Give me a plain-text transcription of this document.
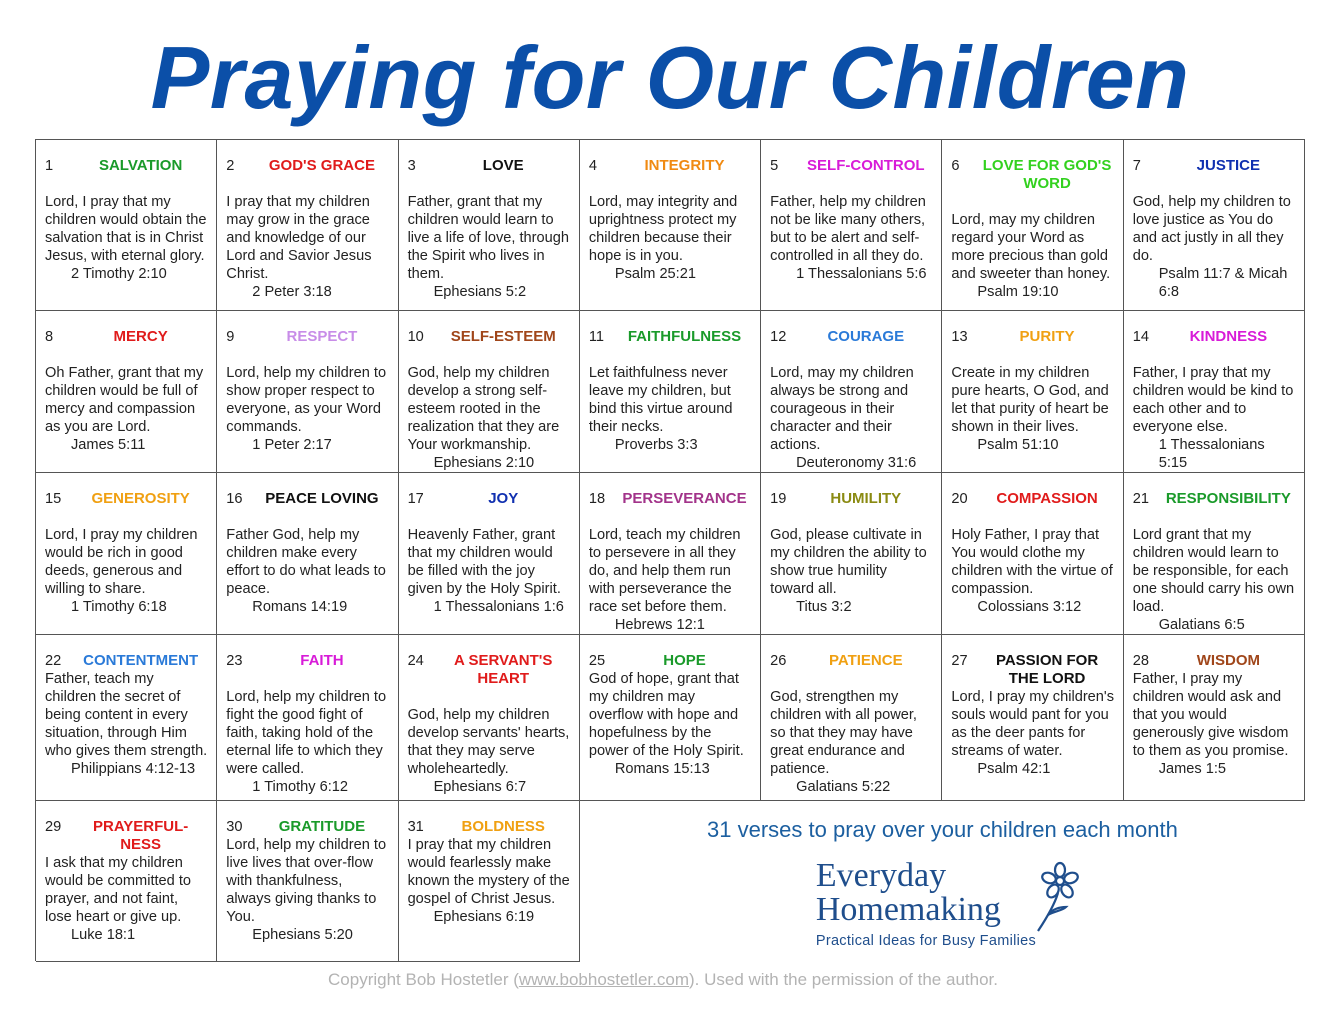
Praying for Our Children
1	SALVATION
Lord, I pray that my children would obtain the salvation that is in Christ Jesus, with eternal glory.
2 Timothy 2:10
2	GOD'S GRACE
I pray that my children may grow in the grace and knowledge of our Lord and Savior Jesus Christ.
2 Peter 3:18
3	LOVE
Father, grant that my children would learn to live a life of love, through the Spirit who lives in them.
Ephesians 5:2
4	INTEGRITY
Lord, may integrity and uprightness protect my children because their hope is in you.
Psalm 25:21
5	SELF-CONTROL
Father, help my children not be like many others, but to be alert and self-controlled in all they do.
1 Thessalonians 5:6
6	LOVE FOR GOD'S WORD
Lord, may my children regard your Word as more precious than gold and sweeter than honey.
Psalm 19:10
7	JUSTICE
God, help my children to love justice as You do and act justly in all they do.
Psalm 11:7 & Micah 6:8
8	MERCY
Oh Father, grant that my children would be full of mercy and compassion as you are Lord.
James 5:11
9	RESPECT
Lord, help my children to show proper respect to everyone, as your Word commands.
1 Peter 2:17
10	SELF-ESTEEM
God, help my children develop a strong self-esteem rooted in the realization that they are Your workmanship.
Ephesians 2:10
11	FAITHFULNESS
Let faithfulness never leave my children, but bind this virtue around their necks.
Proverbs 3:3
12	COURAGE
Lord, may my children always be strong and courageous in their character and their actions.
Deuteronomy 31:6
13	PURITY
Create in my children pure hearts, O God, and let that purity of heart be shown in their lives.
Psalm 51:10
14	KINDNESS
Father, I pray that my children would be kind to each other and to everyone else.
1 Thessalonians 5:15
15	GENEROSITY
Lord, I pray my children would be rich in good deeds, generous and willing to share.
1 Timothy 6:18
16	PEACE LOVING
Father God, help my children make every effort to do what leads to peace.
Romans 14:19
17	JOY
Heavenly Father, grant that my children would be filled with the joy given by the Holy Spirit.
1 Thessalonians 1:6
18	PERSEVERANCE
Lord, teach my children to persevere in all they do, and help them run with perseverance the race set before them.
Hebrews 12:1
19	HUMILITY
God, please cultivate in my children the ability to show true humility toward all.
Titus 3:2
20	COMPASSION
Holy Father, I pray that You would clothe my children with the virtue of compassion.
Colossians 3:12
21	RESPONSIBILITY
Lord grant that my children would learn to be responsible, for each one should carry his own load.
Galatians 6:5
22	CONTENTMENT
Father, teach my children the secret of being content in every situation, through Him who gives them strength.
Philippians 4:12-13
23	FAITH
Lord, help my children to fight the good fight of faith, taking hold of the eternal life to which they were called.
1 Timothy 6:12
24	A SERVANT'S HEART
God, help my children develop servants' hearts, that they may serve wholeheartedly.
Ephesians 6:7
25	HOPE
God of hope, grant that my children may overflow with hope and hopefulness by the power of the Holy Spirit.
Romans 15:13
26	PATIENCE
God, strengthen my children with all power, so that they may have great endurance and patience.
Galatians 5:22
27	PASSION FOR THE LORD
Lord, I pray my children's souls would pant for you as the deer pants for streams of water.
Psalm 42:1
28	WISDOM
Father, I pray my children would ask and that you would generously give wisdom to them as you promise.
James 1:5
29	PRAYERFUL-NESS
I ask that my children would be committed to prayer, and not faint, lose heart or give up.
Luke 18:1
30	GRATITUDE
Lord, help my children to live lives that over-flow with thankfulness, always giving thanks to You.
Ephesians 5:20
31	BOLDNESS
I pray that my children would fearlessly make known the mystery of the gospel of Christ Jesus.
Ephesians 6:19
31 verses to pray over your children each month
Everyday
Homemaking
Practical Ideas for Busy Families
Copyright Bob Hostetler (www.bobhostetler.com). Used with the permission of the author.
